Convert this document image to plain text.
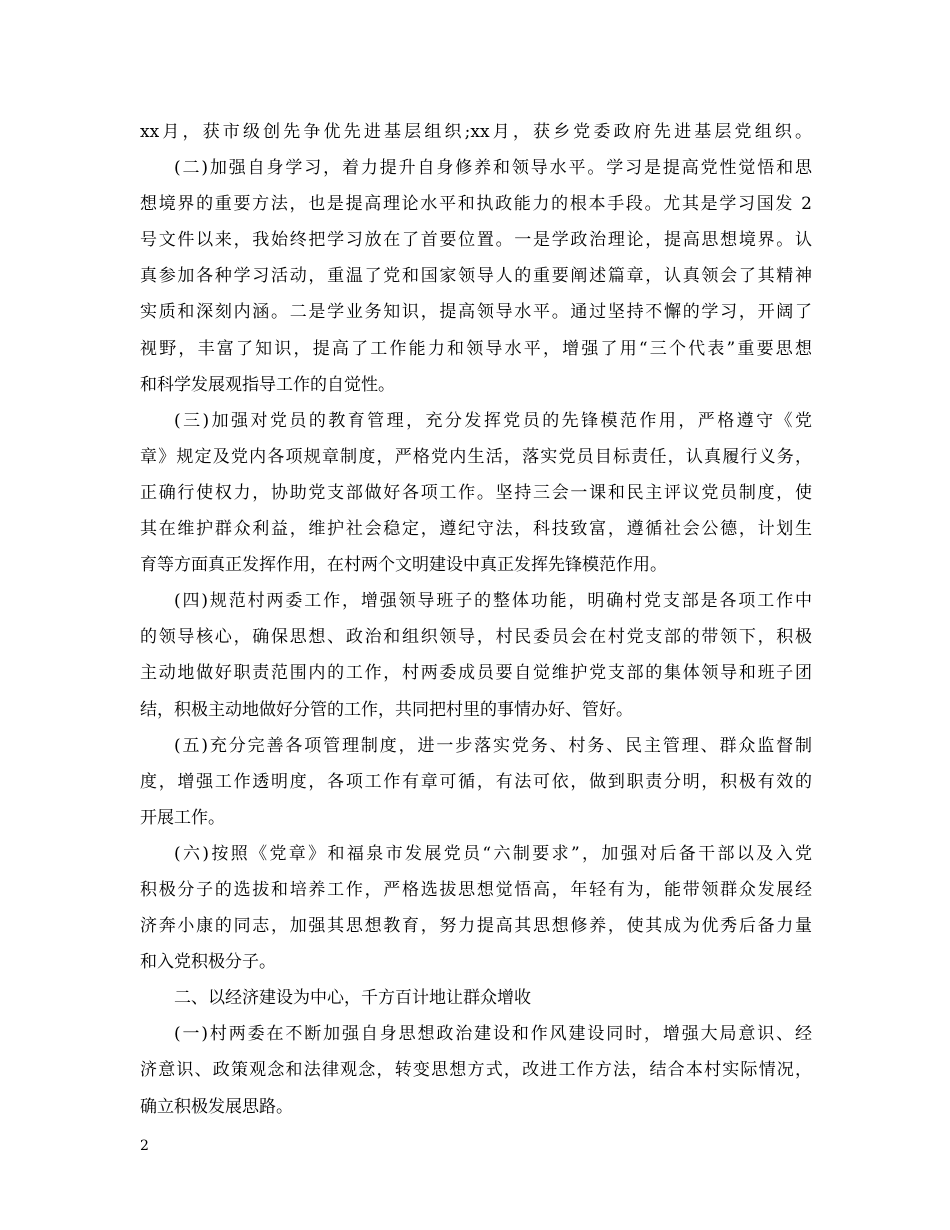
xx月，获市级创先争优先进基层组织;xx月，获乡党委政府先进基层党组织。
(二)加强自身学习，着力提升自身修养和领导水平。学习是提高党性觉悟和思
想境界的重要方法，也是提高理论水平和执政能力的根本手段。尤其是学习国发 2
号文件以来，我始终把学习放在了首要位置。一是学政治理论，提高思想境界。认
真参加各种学习活动，重温了党和国家领导人的重要阐述篇章，认真领会了其精神
实质和深刻内涵。二是学业务知识，提高领导水平。通过坚持不懈的学习，开阔了
视野，丰富了知识，提高了工作能力和领导水平，增强了用“三个代表”重要思想
和科学发展观指导工作的自觉性。
(三)加强对党员的教育管理，充分发挥党员的先锋模范作用，严格遵守《党
章》规定及党内各项规章制度，严格党内生活，落实党员目标责任，认真履行义务，
正确行使权力，协助党支部做好各项工作。坚持三会一课和民主评议党员制度，使
其在维护群众利益，维护社会稳定，遵纪守法，科技致富，遵循社会公德，计划生
育等方面真正发挥作用，在村两个文明建设中真正发挥先锋模范作用。
(四)规范村两委工作，增强领导班子的整体功能，明确村党支部是各项工作中
的领导核心，确保思想、政治和组织领导，村民委员会在村党支部的带领下，积极
主动地做好职责范围内的工作，村两委成员要自觉维护党支部的集体领导和班子团
结，积极主动地做好分管的工作，共同把村里的事情办好、管好。
(五)充分完善各项管理制度，进一步落实党务、村务、民主管理、群众监督制
度，增强工作透明度，各项工作有章可循，有法可依，做到职责分明，积极有效的
开展工作。
(六)按照《党章》和福泉市发展党员“六制要求”，加强对后备干部以及入党
积极分子的选拔和培养工作，严格选拔思想觉悟高，年轻有为，能带领群众发展经
济奔小康的同志，加强其思想教育，努力提高其思想修养，使其成为优秀后备力量
和入党积极分子。
二、以经济建设为中心，千方百计地让群众增收
(一)村两委在不断加强自身思想政治建设和作风建设同时，增强大局意识、经
济意识、政策观念和法律观念，转变思想方式，改进工作方法，结合本村实际情况，
确立积极发展思路。
2
